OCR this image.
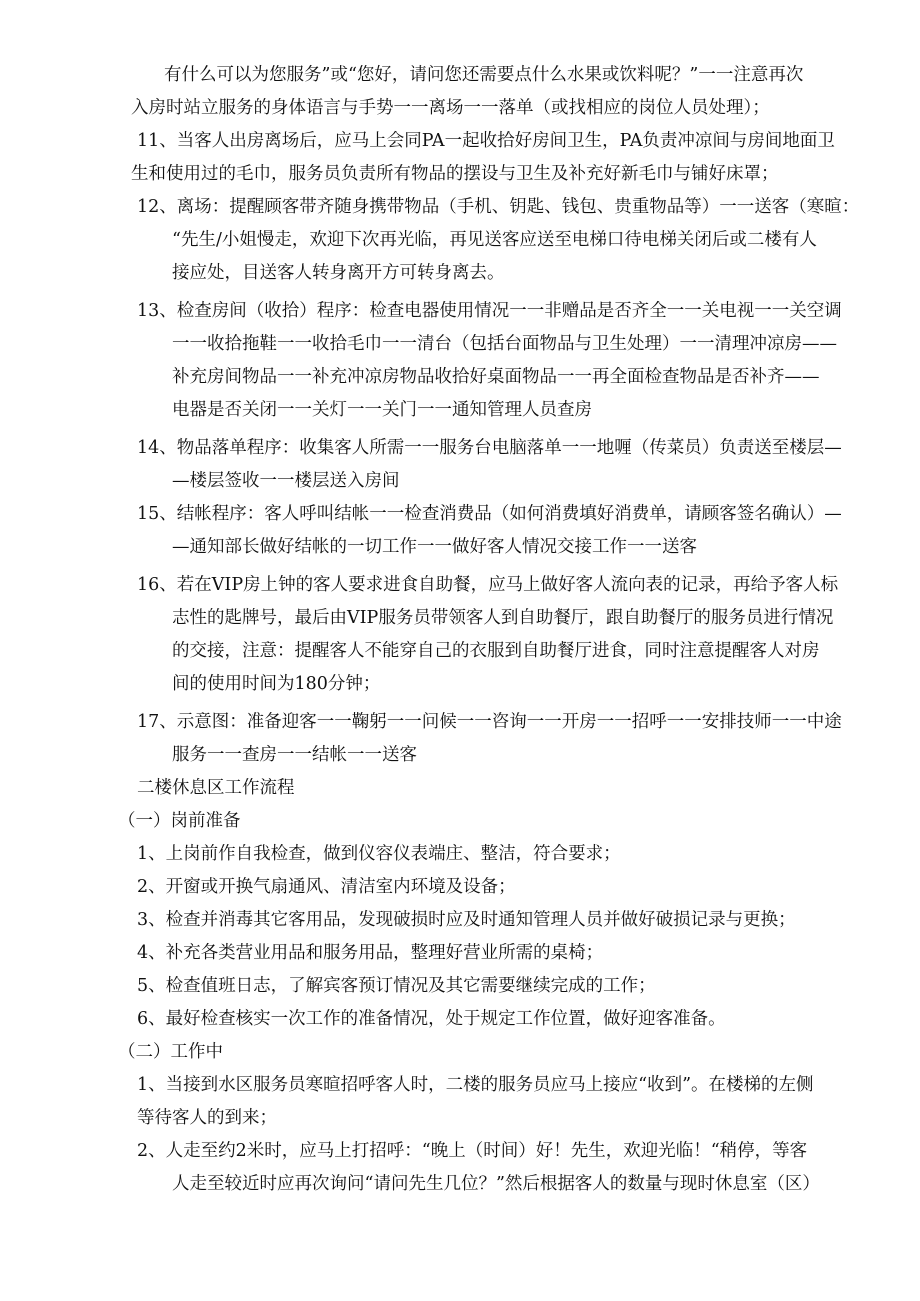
有什么可以为您服务”或“您好，请问您还需要点什么水果或饮料呢？”一一注意再次
入房时站立服务的身体语言与手势一一离场一一落单（或找相应的岗位人员处理）；
11、当客人出房离场后，应马上会同PA一起收拾好房间卫生，PA负责冲凉间与房间地面卫
生和使用过的毛巾，服务员负责所有物品的摆设与卫生及补充好新毛巾与铺好床罩；
12、离场：提醒顾客带齐随身携带物品（手机、钥匙、钱包、贵重物品等）一一送客（寒暄：
“先生/小姐慢走，欢迎下次再光临，再见送客应送至电梯口待电梯关闭后或二楼有人
接应处，目送客人转身离开方可转身离去。
13、检查房间（收拾）程序：检查电器使用情况一一非赠品是否齐全一一关电视一一关空调
一一收拾拖鞋一一收拾毛巾一一清台（包括台面物品与卫生处理）一一清理冲凉房——
补充房间物品一一补充冲凉房物品收拾好桌面物品一一再全面检查物品是否补齐——
电器是否关闭一一关灯一一关门一一通知管理人员查房
14、物品落单程序：收集客人所需一一服务台电脑落单一一地喱（传菜员）负责送至楼层—
—楼层签收一一楼层送入房间
15、结帐程序：客人呼叫结帐一一检查消费品（如何消费填好消费单，请顾客签名确认）—
—通知部长做好结帐的一切工作一一做好客人情况交接工作一一送客
16、若在VIP房上钟的客人要求进食自助餐，应马上做好客人流向表的记录，再给予客人标
志性的匙牌号，最后由VIP服务员带领客人到自助餐厅，跟自助餐厅的服务员进行情况
的交接，注意：提醒客人不能穿自己的衣服到自助餐厅进食，同时注意提醒客人对房
间的使用时间为180分钟；
17、示意图：准备迎客一一鞠躬一一问候一一咨询一一开房一一招呼一一安排技师一一中途
服务一一查房一一结帐一一送客
二楼休息区工作流程
（一）岗前准备
1、上岗前作自我检查，做到仪容仪表端庄、整洁，符合要求；
2、开窗或开换气扇通风、清洁室内环境及设备；
3、检查并消毒其它客用品，发现破损时应及时通知管理人员并做好破损记录与更换；
4、补充各类营业用品和服务用品，整理好营业所需的桌椅；
5、检查值班日志，了解宾客预订情况及其它需要继续完成的工作；
6、最好检查核实一次工作的准备情况，处于规定工作位置，做好迎客准备。
（二）工作中
1、当接到水区服务员寒暄招呼客人时，二楼的服务员应马上接应“收到”。在楼梯的左侧
等待客人的到来；
2、人走至约2米时，应马上打招呼：“晚上（时间）好！先生，欢迎光临！“稍停，等客
人走至较近时应再次询问“请问先生几位？”然后根据客人的数量与现时休息室（区）
